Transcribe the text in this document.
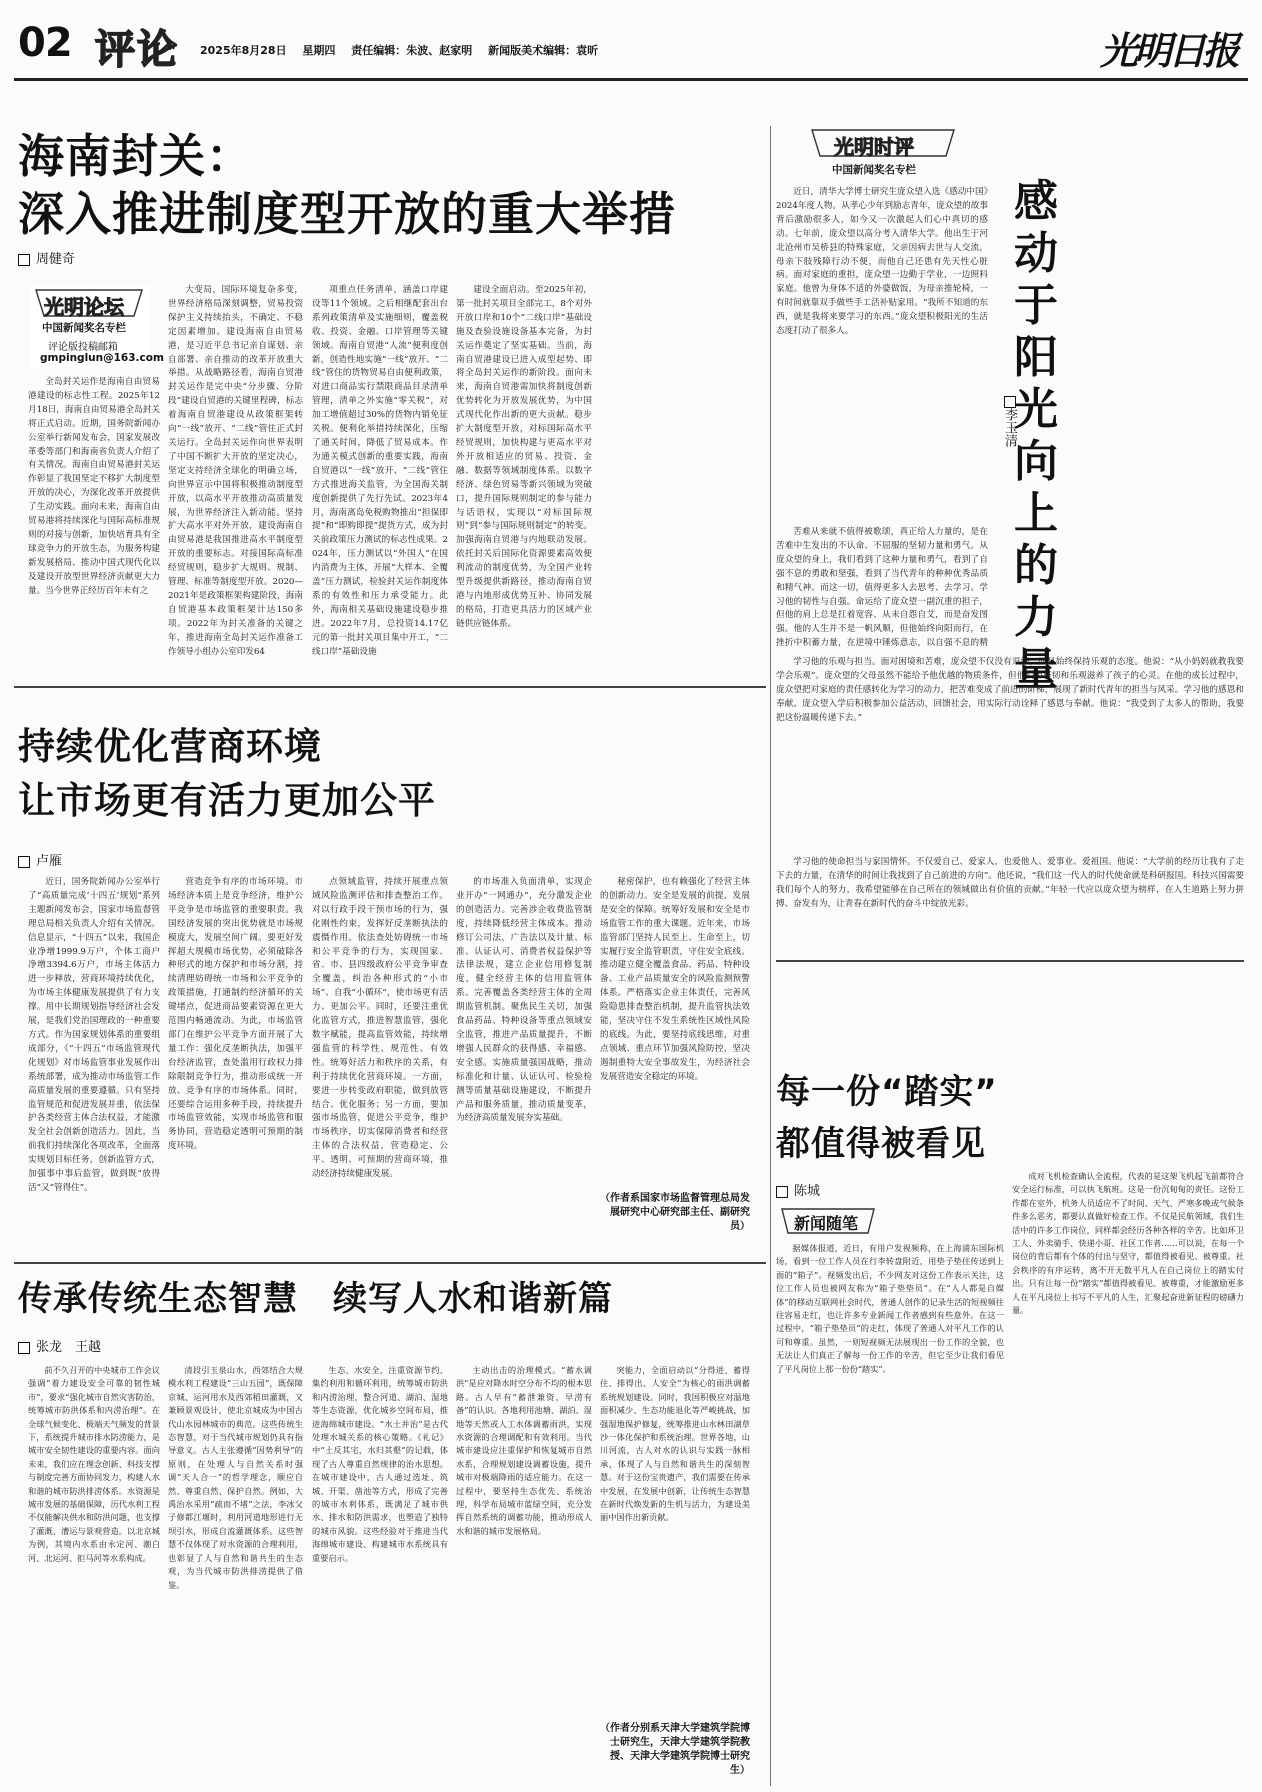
02 评论 2025年8月28日 星期四 责任编辑：朱波、赵家明 新闻版美术编辑：袁昕	光明日报
海南封关：
深入推进制度型开放的重大举措
周健奇
光明论坛
中国新闻奖名专栏
评论版投稿邮箱
gmpinglun@163.com
全岛封关运作是海南自由贸易港建设的标志性工程。2025年12月18日，海南自由贸易港全岛封关将正式启动。近期，国务院新闻办公室举行新闻发布会，国家发展改革委等部门和海南省负责人介绍了有关情况。海南自由贸易港封关运作彰显了我国坚定不移扩大制度型开放的决心，为深化改革开放提供了生动实践。面向未来，海南自由贸易港将持续深化与国际高标准规则的对接与创新，加快培育具有全球竞争力的开放生态，为服务构建新发展格局、推动中国式现代化以及建设开放型世界经济贡献更大力量。当今世界正经历百年未有之
大变局，国际环境复杂多变，世界经济格局深刻调整，贸易投资保护主义持续抬头，不确定、不稳定因素增加。建设海南自由贸易港，是习近平总书记亲自谋划、亲自部署、亲自推动的改革开放重大举措。从战略路径看，海南自贸港封关运作是完中央“分步骤、分阶段”建设自贸港的关键里程碑，标志着海南自贸港建设从政策框架转向“一线”放开、“二线”管住正式封关运行。全岛封关运作向世界表明了中国不断扩大开放的坚定决心，坚定支持经济全球化的明确立场，向世界宣示中国将积极推动制度型开放，以高水平开放推动高质量发展，为世界经济注入新动能。坚持扩大高水平对外开放，建设海南自由贸易港是我国推进高水平制度型开放的重要标志。对接国际高标准经贸规则，稳步扩大规则、规制、管理、标准等制度型开放。2020—2021年是政策框架构建阶段，海南自贸港基本政策框架计达150多项。2022年为封关准备的关键之年，推进海南全岛封关运作准备工作领导小组办公室印发64
项重点任务清单，涵盖口岸建设等11个领域。之后相继配套出台系列政策清单及实施细则，覆盖税收、投资、金融、口岸管理等关键领域。海南自贸港“人流”便利度创新，创造性地实施“一线”放开、“二线”管住的货物贸易自由便利政策，对进口商品实行禁限商品目录清单管理，清单之外实施“零关税”，对加工增值超过30%的货物内销免征关税。便利化举措持续深化，压缩了通关时间，降低了贸易成本。作为通关模式创新的重要实践，海南自贸港以“一线”放开、“二线”管住方式推进海关监管，为全国海关制度创新提供了先行先试。2023年4月，海南离岛免税购物推出“担保即提”和“即购即提”提货方式，成为封关前政策压力测试的标志性成果。2024年，压力测试以“外国人”在国内消费为主体，开展“大样本、全覆盖”压力测试，检验封关运作制度体系的有效性和压力承受能力。此外，海南相关基础设施建设稳步推进。2022年7月，总投资14.17亿元的第一批封关项目集中开工，“二线口岸”基础设施
建设全面启动。至2025年初，第一批封关项目全部完工，8个对外开放口岸和10个“二线口岸”基础设施及查验设施设备基本完备，为封关运作奠定了坚实基础。当前，海南自贸港建设已进入成型起势、即将全岛封关运作的新阶段。面向未来，海南自贸港需加快将制度创新优势转化为开放发展优势，为中国式现代化作出新的更大贡献。稳步扩大制度型开放，对标国际高水平经贸规则，加快构建与更高水平对外开放相适应的贸易、投资、金融、数据等领域制度体系。以数字经济、绿色贸易等新兴领域为突破口，提升国际规则制定的参与能力与话语权，实现以“对标国际规则”到“参与国际规则制定”的转变。加强海南自贸港与内地联动发展。依托封关后国际化资源要素高效便利流动的制度优势，为全国产业转型升级提供新路径，推动海南自贸港与内地形成优势互补、协同发展的格局，打造更具活力的区域产业链供应链体系。
持续优化营商环境
让市场更有活力更加公平
卢雁
近日，国务院新闻办公室举行了“高质量完成‘十四五’规划”系列主题新闻发布会，国家市场监督管理总局相关负责人介绍有关情况。信息显示，“十四五”以来，我国企业净增1999.9万户，个体工商户净增3394.6万户，市场主体活力进一步释放，营商环境持续优化，为市场主体健康发展提供了有力支撑。用中长期规划指导经济社会发展，是我们党治国理政的一种重要方式。作为国家规划体系的重要组成部分，《“十四五”市场监管现代化规划》对市场监管事业发展作出系统部署，成为推动市场监管工作高质量发展的重要遵循。只有坚持监管规范和促进发展并重，依法保护各类经营主体合法权益，才能激发全社会创新创造活力。因此，当前我们持续深化各项改革，全面落实规划目标任务，创新监管方式，加强事中事后监管，做到既“放得活”又“管得住”。
营造竞争有序的市场环境。市场经济本质上是竞争经济，维护公平竞争是市场监管的重要职责。我国经济发展的突出优势就是市场规模庞大，发展空间广阔。要更好发挥超大规模市场优势，必须破除各种形式的地方保护和市场分割，持续清理妨碍统一市场和公平竞争的政策措施，打通制约经济循环的关键堵点，促进商品要素资源在更大范围内畅通流动。为此，市场监管部门在维护公平竞争方面开展了大量工作：强化反垄断执法，加强平台经济监管，查处滥用行政权力排除限制竞争行为，推动形成统一开放、竞争有序的市场体系。同时，还要综合运用多种手段，持续提升市场监管效能，实现市场监管和服务协同，营造稳定透明可预期的制度环境。
点领域监管，持续开展重点领域风险监测评估和排查整治工作。对以行政手段干预市场的行为，强化刚性约束，发挥好反垄断执法的震慑作用。依法查处妨碍统一市场和公平竞争的行为，实现国家、省、市、县四级政府公平竞争审查全覆盖，纠治各种形式的“小市场”、自我“小循环”，使市场更有活力、更加公平。同时，还要注重优化监管方式，推进智慧监管，强化数字赋能，提高监管效能，持续增强监管的科学性、规范性、有效性。统筹好活力和秩序的关系，有利于持续优化营商环境。一方面，要进一步转变政府职能，做到放管结合、优化服务；另一方面，要加强市场监管，促进公平竞争，维护市场秩序，切实保障消费者和经营主体的合法权益，营造稳定、公平、透明、可预期的营商环境，推动经济持续健康发展。
的市场准入负面清单，实现企业开办“一网通办”，充分激发企业的创造活力。完善涉企收费监管制度，持续降低经营主体成本。推动修订公司法，广告法以及计量、标准、认证认可、消费者权益保护等法律法规，建立企业信用修复制度，健全经营主体的信用监管体系。完善覆盖各类经营主体的全周期监管机制。聚焦民生关切，加强食品药品、特种设备等重点领域安全监管，推进产品质量提升，不断增强人民群众的获得感、幸福感、安全感。实施质量强国战略，推动标准化和计量、认证认可、检验检测等质量基础设施建设，不断提升产品和服务质量，推动质量变革，为经济高质量发展夯实基础。
秘密保护，也有赖强化了经营主体的创新动力。安全是发展的前提，发展是安全的保障。统筹好发展和安全是市场监管工作的重大课题。近年来，市场监管部门坚持人民至上、生命至上，切实履行安全监管职责，守住安全底线。推动建立健全覆盖食品、药品、特种设备、工业产品质量安全的风险监测预警体系。严格落实企业主体责任，完善风险隐患排查整治机制，提升监管执法效能，坚决守住不发生系统性区域性风险的底线。为此，要坚持底线思维，对重点领域、重点环节加强风险防控，坚决遏制重特大安全事故发生，为经济社会发展营造安全稳定的环境。
（作者系国家市场监督管理总局发展研究中心研究部主任、副研究员）
传承传统生态智慧　续写人水和谐新篇
张龙　王越
前不久召开的中央城市工作会议强调“着力建设安全可靠的韧性城市”，要求“强化城市自然灾害防治，统筹城市防洪体系和内涝治理”。在全球气候变化、极端天气频发的背景下，系统提升城市排水防涝能力，是城市安全韧性建设的重要内容。面向未来，我们应在理念创新、科技支撑与制度完善方面协同发力，构建人水和谐的城市防洪排涝体系。水资源是城市发展的基础保障，历代水利工程不仅能解决供水和防洪问题，也支撑了灌溉、漕运与景观营造。以北京城为例，其境内水系由永定河、潮白河、北运河、拒马河等水系构成。
清段引玉泉山水，西郊结合大规模水利工程建设“三山五园”，既保障京城、运河用水及西郊稻田灌溉，又兼顾景观设计，使北京城成为中国古代山水园林城市的典范。这些传统生态智慧，对于当代城市规划仍具有指导意义。古人主张遵循“因势利导”的原则，在处理人与自然关系时强调“天人合一”的哲学理念，顺应自然、尊重自然、保护自然。例如，大禹治水采用“疏而不堵”之法，李冰父子修都江堰时，利用河道地形进行无坝引水，形成自流灌溉体系。这些智慧不仅体现了对水资源的合理利用，也彰显了人与自然和谐共生的生态观，为当代城市防洪排涝提供了借鉴。
生态、水安全，注重资源节约、集约利用和循环利用，统筹城市防洪和内涝治理，整合河道、湖泊、湿地等生态资源，优化城乡空间布局，推进海绵城市建设。“水土并治”是古代处理水城关系的核心策略。《礼记》中“土反其宅，水归其壑”的记载，体现了古人尊重自然规律的治水思想。在城市建设中，古人通过选址、筑城、开渠、凿池等方式，形成了完善的城市水利体系，既满足了城市供水、排水和防洪需求，也塑造了独特的城市风貌。这些经验对于推进当代海绵城市建设、构建城市水系统具有重要启示。
主动出击的治理模式。“蓄水调洪”是应对降水时空分布不均的根本思路。古人早有“蓄泄兼资，早涝有备”的认识。各地利用池塘、湖泊、湿地等天然或人工水体调蓄雨洪，实现水资源的合理调配和有效利用。当代城市建设应注重保护和恢复城市自然水系，合理规划建设调蓄设施，提升城市对极端降雨的适应能力。在这一过程中，要坚持生态优先、系统治理，科学布局城市蓝绿空间，充分发挥自然系统的调蓄功能，推动形成人水和谐的城市发展格局。
突能力，全面启动以“分得进、蓄得住、排得出、人安全”为核心的雨洪调蓄系统规划建设。同时，我国积极应对温地面积减少、生态功能退化等严峻挑战，加强湿地保护修复，统筹推进山水林田湖草沙一体化保护和系统治理。世界各地，山川河流，古人对水的认识与实践一脉相承，体现了人与自然和谐共生的深刻智慧。对于这份宝贵遗产，我们需要在传承中发展，在发展中创新，让传统生态智慧在新时代焕发新的生机与活力，为建设美丽中国作出新贡献。
（作者分别系天津大学建筑学院博士研究生，天津大学建筑学院教授、天津大学建筑学院博士研究生）
光明时评
中国新闻奖名专栏
近日，清华大学博士研究生庞众望入选《感动中国》2024年度人物。从孝心少年到励志青年，庞众望的故事背后激励很多人，如今又一次激起人们心中真切的感动。七年前，庞众望以高分考入清华大学。他出生于河北沧州市吴桥县的特殊家庭，父亲因病去世与人交流，母亲下肢残障行动不便，而他自己还患有先天性心脏病。面对家庭的重担，庞众望一边勤于学业，一边照料家庭。他曾为身体不适的外婆做饭，为母亲推轮椅，一有时间就靠双手做些手工活补贴家用。“我所不知道的东西，就是我将来要学习的东西。”庞众望积极阳光的生活态度打动了很多人。
苦难从来就不值得被歌颂，真正给人力量的，是在苦难中生发出的不认命、不屈服的坚韧力量和勇气。从庞众望的身上，我们看到了这种力量和勇气，看到了自强不息的勇敢和坚强，看到了当代青年的种种优秀品质和精气神。而这一切，值得更多人去思考、去学习。学习他的韧性与自强。命运给了庞众望一副沉重的担子，但他的肩上总是扛着宽容、从未自怨自艾，而是奋发图强。他的人生并不是一帆风顺，但他始终向阳而行，在挫折中积蓄力量，在逆境中锤炼意志，以自强不息的精
感动于阳光向上的力量
李玉清
学习他的乐观与担当。面对困境和苦难，庞众望不仅没有退缩，而且始终保持乐观的态度。他说：“从小妈妈就教我要学会乐观”。庞众望的父母虽然不能给予他优越的物质条件，但他们用坚韧和乐观滋养了孩子的心灵。在他的成长过程中，庞众望把对家庭的责任感转化为学习的动力，把苦难变成了前进的阶梯，展现了新时代青年的担当与风采。学习他的感恩和奉献。庞众望入学后积极参加公益活动，回馈社会，用实际行动诠释了感恩与奉献。他说：“我受到了太多人的帮助，我要把这份温暖传递下去。”
学习他的使命担当与家国情怀。不仅爱自己、爱家人，也爱他人、爱事业、爱祖国。他说：“大学前的经历让我有了走下去的力量，在清华的时间让我找到了自己前进的方向”。他还说，“我们这一代人的时代使命就是科研报国。科技兴国需要我们每个人的努力，我希望能够在自己所在的领域做出有价值的贡献。”年轻一代应以庞众望为榜样，在人生道路上努力拼搏、奋发有为，让青春在新时代的奋斗中绽放光彩。
每一份“踏实”
都值得被看见
陈城
新闻随笔
据媒体报道，近日，有用户发视频称，在上海浦东国际机场，看到一位工作人员在行李转盘附近，用垫子垫住传送到上面的“箱子”。视频发出后，不少网友对这份工作表示关注，这位工作人员也被网友称为“箱子垫垫员”。在“人人都是自媒体”的移动互联网社会时代，普通人创作的记录生活的短视频往往容易走红，也让许多专业新闻工作者感到有些意外。在这一过程中，“箱子垫垫员”的走红，体现了普通人对平凡工作的认可和尊重。虽然，一则短视频无法展现出一份工作的全貌，也无法让人们真正了解每一份工作的辛苦，但它至少让我们看见了平凡岗位上那一份份“踏实”。
成对飞机检查确认全流程，代表的是这架飞机起飞前都符合安全运行标准，可以执飞航班。这是一份沉甸甸的责任。这份工作都在室外，机务人员适应不了时间、天气、严寒多晚或气候条件多么恶劣，都要认真做好检查工作。不仅是民航领域，我们生活中的许多工作岗位，同样都会经历各种各样的辛苦。比如环卫工人、外卖骑手、快递小哥、社区工作者……可以说，在每一个岗位的背后都有个体的付出与坚守，都值得被看见、被尊重。社会秩序的有序运转，离不开无数平凡人在自己岗位上的踏实付出。只有让每一份“踏实”都值得被看见、被尊重，才能激励更多人在平凡岗位上书写不平凡的人生，汇聚起奋进新征程的磅礴力量。
